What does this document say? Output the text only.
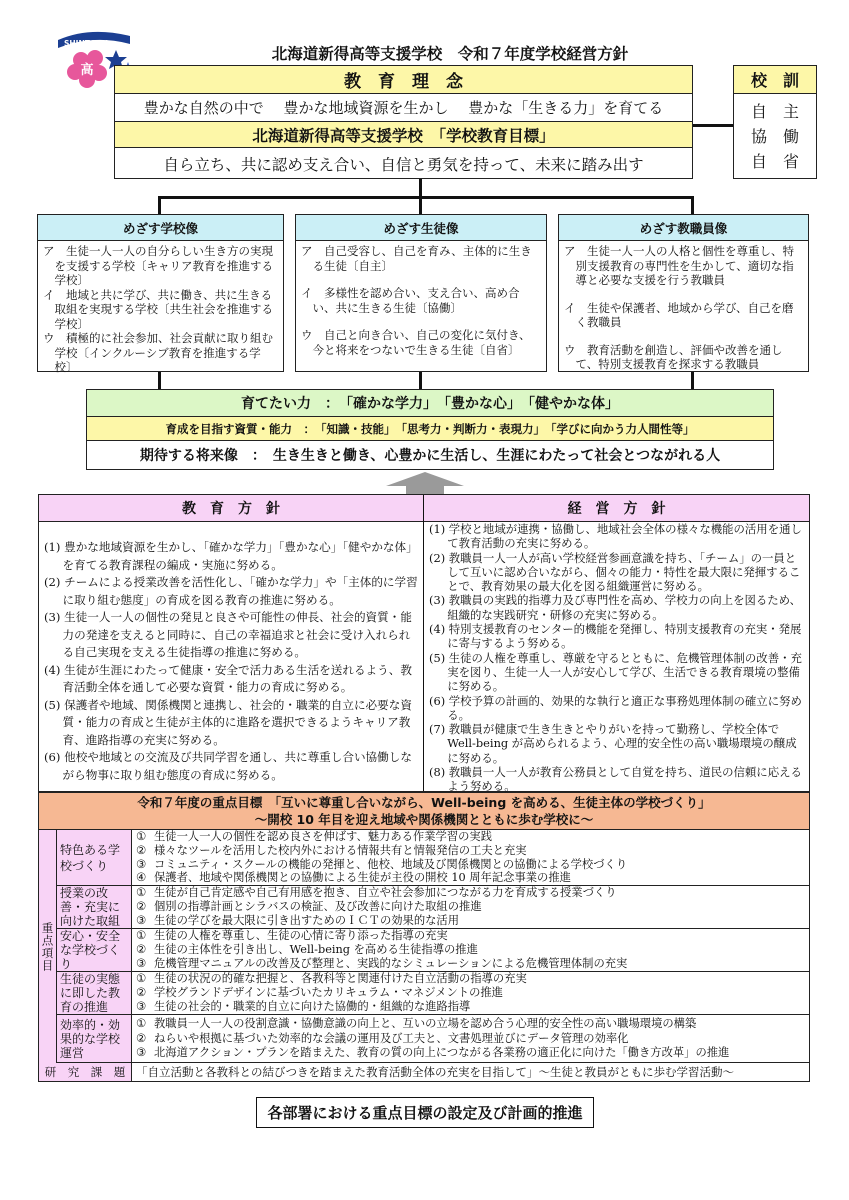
SHINTOKU
高
北海道新得高等支援学校　令和７年度学校経営方針
教　育　理　念
豊かな自然の中で　 豊かな地域資源を生かし　 豊かな「生きる力」を育てる
北海道新得高等支援学校　「学校教育目標」
自ら立ち、共に認め支え合い、自信と勇気を持って、未来に踏み出す
校　訓
自　主
協　働
自　省
めざす学校像
ア　生徒一人一人の自分らしい生き方の実現を支援する学校〔キャリア教育を推進する学校〕
イ　地域と共に学び、共に働き、共に生きる取組を実現する学校〔共生社会を推進する学校〕
ウ　積極的に社会参加、社会貢献に取り組む学校〔インクルーシブ教育を推進する学校〕
めざす生徒像
ア　自己受容し、自己を育み、主体的に生きる生徒〔自主〕
イ　多様性を認め合い、支え合い、高め合い、共に生きる生徒〔協働〕
ウ　自己と向き合い、自己の変化に気付き、今と将来をつないで生きる生徒〔自省〕
めざす教職員像
ア　生徒一人一人の人格と個性を尊重し、特別支援教育の専門性を生かして、適切な指導と必要な支援を行う教職員
イ　生徒や保護者、地域から学び、自己を磨く教職員
ウ　教育活動を創造し、評価や改善を通して、特別支援教育を探求する教職員
育てたい力　：　「確かな学力」　「豊かな心」　「健やかな体」
育成を目指す資質・能力　：　「知識・技能」　「思考力・判断力・表現力」　「学びに向かう力人間性等」
期待する将来像　：　生き生きと働き、心豊かに生活し、生涯にわたって社会とつながれる人
教　育　方　針	経　営　方　針
(1) 豊かな地域資源を生かし、「確かな学力」「豊かな心」「健やかな体」を育てる教育課程の編成・実施に努める。
(2) チームによる授業改善を活性化し、「確かな学力」や「主体的に学習に取り組む態度」の育成を図る教育の推進に努める。
(3) 生徒一人一人の個性の発見と良さや可能性の伸長、社会的資質・能力の発達を支えると同時に、自己の幸福追求と社会に受け入れられる自己実現を支える生徒指導の推進に努める。
(4) 生徒が生涯にわたって健康・安全で活力ある生活を送れるよう、教育活動全体を通して必要な資質・能力の育成に努める。
(5) 保護者や地域、関係機関と連携し、社会的・職業的自立に必要な資質・能力の育成と生徒が主体的に進路を選択できるようキャリア教育、進路指導の充実に努める。
(6) 他校や地域との交流及び共同学習を通し、共に尊重し合い協働しながら物事に取り組む態度の育成に努める。
(1) 学校と地域が連携・協働し、地域社会全体の様々な機能の活用を通して教育活動の充実に努める。
(2) 教職員一人一人が高い学校経営参画意識を持ち、「チーム」の一員として互いに認め合いながら、個々の能力・特性を最大限に発揮することで、教育効果の最大化を図る組織運営に努める。
(3) 教職員の実践的指導力及び専門性を高め、学校力の向上を図るため、組織的な実践研究・研修の充実に努める。
(4) 特別支援教育のセンター的機能を発揮し、特別支援教育の充実・発展に寄与するよう努める。
(5) 生徒の人権を尊重し、尊厳を守るとともに、危機管理体制の改善・充実を図り、生徒一人一人が安心して学び、生活できる教育環境の整備に努める。
(6) 学校予算の計画的、効果的な執行と適正な事務処理体制の確立に努める。
(7) 教職員が健康で生き生きとやりがいを持って勤務し、学校全体で Well-being が高められるよう、心理的安全性の高い職場環境の醸成に努める。
(8) 教職員一人一人が教育公務員として自覚を持ち、道民の信頼に応えるよう努める。
令和７年度の重点目標　「互いに尊重し合いながら、Well-being を高める、生徒主体の学校づくり」
〜開校 10 年目を迎え地域や関係機関とともに歩む学校に〜
重点項目
特色ある学校づくり
① 生徒一人一人の個性を認め良さを伸ばす、魅力ある作業学習の実践
② 様々なツールを活用した校内外における情報共有と情報発信の工夫と充実
③ コミュニティ・スクールの機能の発揮と、他校、地域及び関係機関との協働による学校づくり
④ 保護者、地域や関係機関との協働による生徒が主役の開校 10 周年記念事業の推進
授業の改善・充実に向けた取組
① 生徒が自己肯定感や自己有用感を抱き、自立や社会参加につながる力を育成する授業づくり
② 個別の指導計画とシラバスの検証、及び改善に向けた取組の推進
③ 生徒の学びを最大限に引き出すためのＩＣＴの効果的な活用
安心・安全な学校づくり
① 生徒の人権を尊重し、生徒の心情に寄り添った指導の充実
② 生徒の主体性を引き出し、Well-being を高める生徒指導の推進
③ 危機管理マニュアルの改善及び整理と、実践的なシミュレーションによる危機管理体制の充実
生徒の実態に即した教育の推進
① 生徒の状況の的確な把握と、各教科等と関連付けた自立活動の指導の充実
② 学校グランドデザインに基づいたカリキュラム・マネジメントの推進
③ 生徒の社会的・職業的自立に向けた協働的・組織的な進路指導
効率的・効果的な学校運営
① 教職員一人一人の役割意識・協働意識の向上と、互いの立場を認め合う心理的安全性の高い職場環境の構築
② ねらいや根拠に基づいた効率的な会議の運用及び工夫と、文書処理並びにデータ管理の効率化
③ 北海道アクション・プランを踏まえた、教育の質の向上につながる各業務の適正化に向けた「働き方改革」の推進
研　究　課　題 「自立活動と各教科との結びつきを踏まえた教育活動全体の充実を目指して」〜生徒と教員がともに歩む学習活動〜
各部署における重点目標の設定及び計画的推進
